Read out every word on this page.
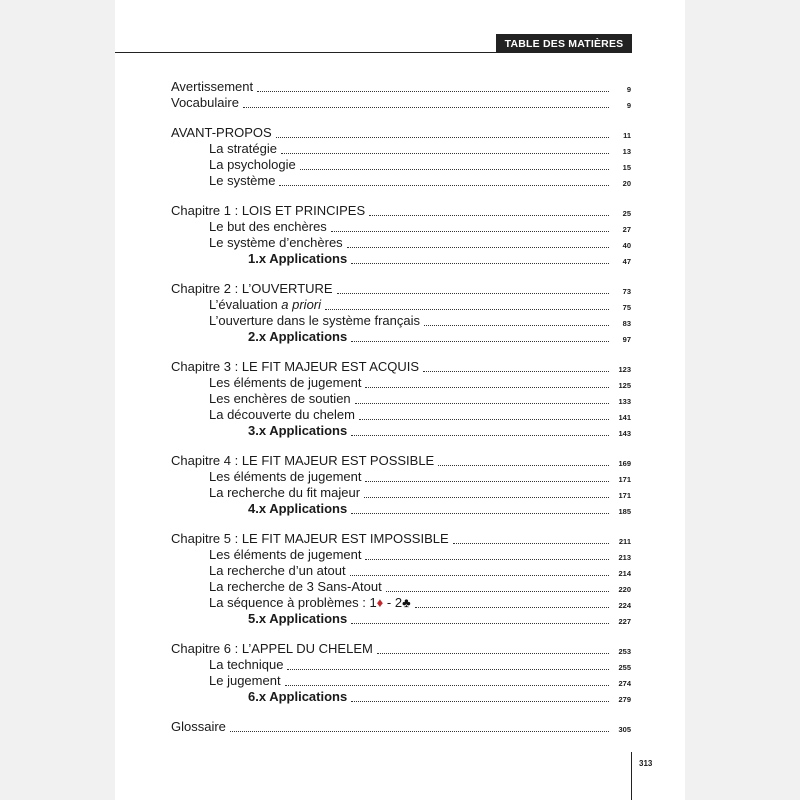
TABLE DES MATIÈRES
Avertissement	9
Vocabulaire	9
AVANT-PROPOS	11
La stratégie	13
La psychologie	15
Le système	20
Chapitre 1 : LOIS ET PRINCIPES	25
Le but des enchères	27
Le système d’enchères	40
1.x Applications	47
Chapitre 2 : L’OUVERTURE	73
L’évaluation a priori	75
L’ouverture dans le système français	83
2.x Applications	97
Chapitre 3 : LE FIT MAJEUR EST ACQUIS	123
Les éléments de jugement	125
Les enchères de soutien	133
La découverte du chelem	141
3.x Applications	143
Chapitre 4 : LE FIT MAJEUR EST POSSIBLE	169
Les éléments de jugement	171
La recherche du fit majeur	171
4.x Applications	185
Chapitre 5 : LE FIT MAJEUR EST IMPOSSIBLE	211
Les éléments de jugement	213
La recherche d’un atout	214
La recherche de 3 Sans-Atout	220
La séquence à problèmes : 1♦ - 2♣	224
5.x Applications	227
Chapitre 6 : L’APPEL DU CHELEM	253
La technique	255
Le jugement	274
6.x Applications	279
Glossaire	305
313
